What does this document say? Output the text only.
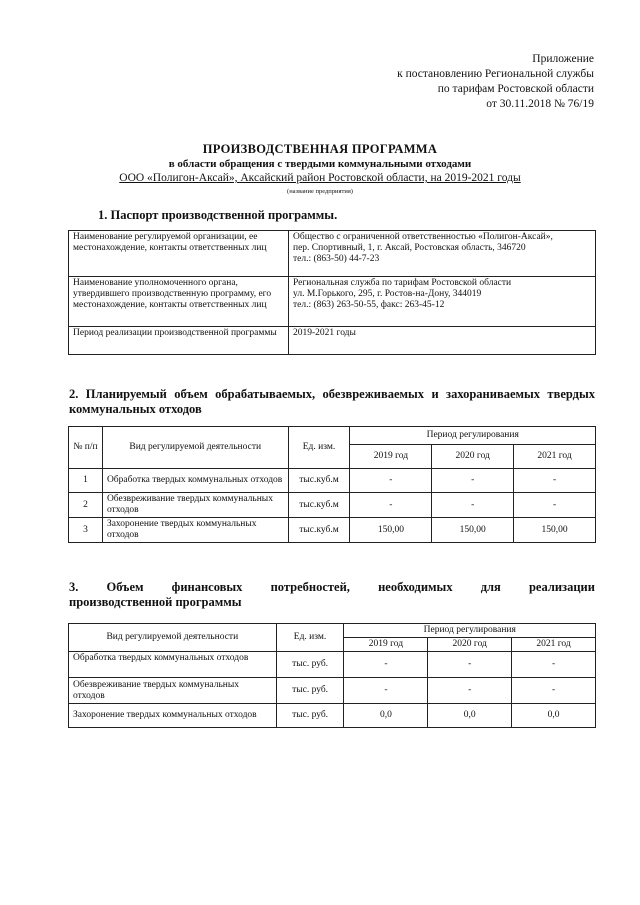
Приложение
к постановлению Региональной службы
по тарифам Ростовской области
от 30.11.2018 № 76/19
ПРОИЗВОДСТВЕННАЯ ПРОГРАММА
в области обращения с твердыми коммунальными отходами
ООО «Полигон-Аксай», Аксайский район Ростовской области, на 2019-2021 годы
(название предприятия)
1. Паспорт производственной программы.
Наименование регулируемой организации, ее местонахождение, контакты ответственных лиц	Общество с ограниченной ответственностью «Полигон-Аксай»,
пер. Спортивный, 1, г. Аксай, Ростовская область, 346720
тел.: (863-50) 44-7-23

Наименование уполномоченного органа, утвердившего производственную программу, его местонахождение, контакты ответственных лиц	Региональная служба по тарифам Ростовской области
ул. М.Горького, 295, г. Ростов-на-Дону, 344019
тел.: (863) 263-50-55, факс: 263-45-12

Период реализации производственной программы	2019-2021 годы
2. Планируемый объем обрабатываемых, обезвреживаемых и захораниваемых твердых коммунальных отходов
№ п/п	Вид регулируемой деятельности	Ед. изм.	Период регулирования		
			2019 год	2020 год	2021 год
1	Обработка твердых коммунальных отходов	тыс.куб.м	-	-	-
2	Обезвреживание твердых коммунальных отходов	тыс.куб.м	-	-	-
3	Захоронение твердых коммунальных отходов	тыс.куб.м	150,00	150,00	150,00
3. Объем финансовых потребностей, необходимых для реализации
производственной программы
Вид регулируемой деятельности	Ед. изм.	Период регулирования		
		2019 год	2020 год	2021 год
Обработка твердых коммунальных отходов	тыс. руб.	-	-	-
Обезвреживание твердых коммунальных отходов	тыс. руб.	-	-	-
Захоронение твердых коммунальных отходов	тыс. руб.	0,0	0,0	0,0
